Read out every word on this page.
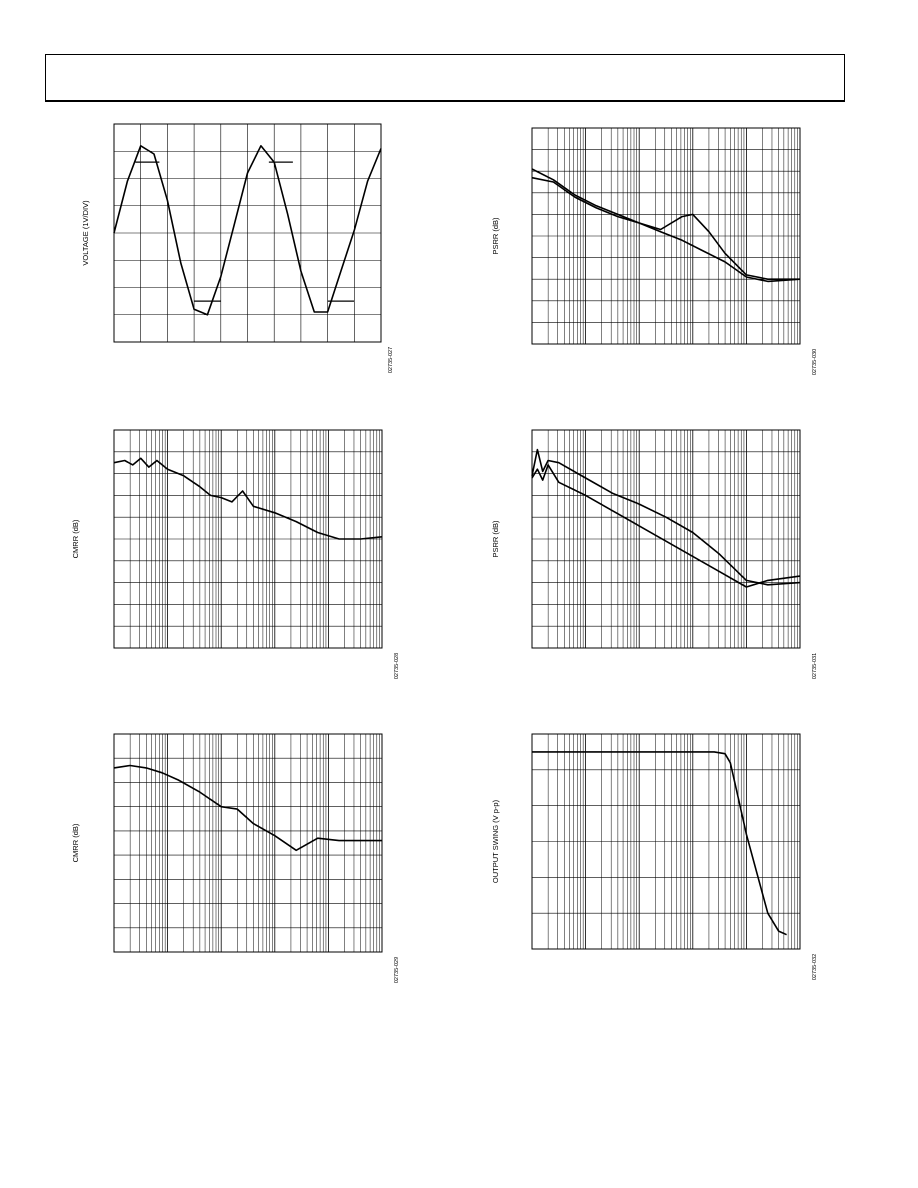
VOLTAGE (1V/DIV)
02735-027
PSRR (dB)
02735-030
CMRR (dB)
02735-028
PSRR (dB)
02735-031
CMRR (dB)
02735-029
OUTPUT SWING (V p-p)
02735-032
